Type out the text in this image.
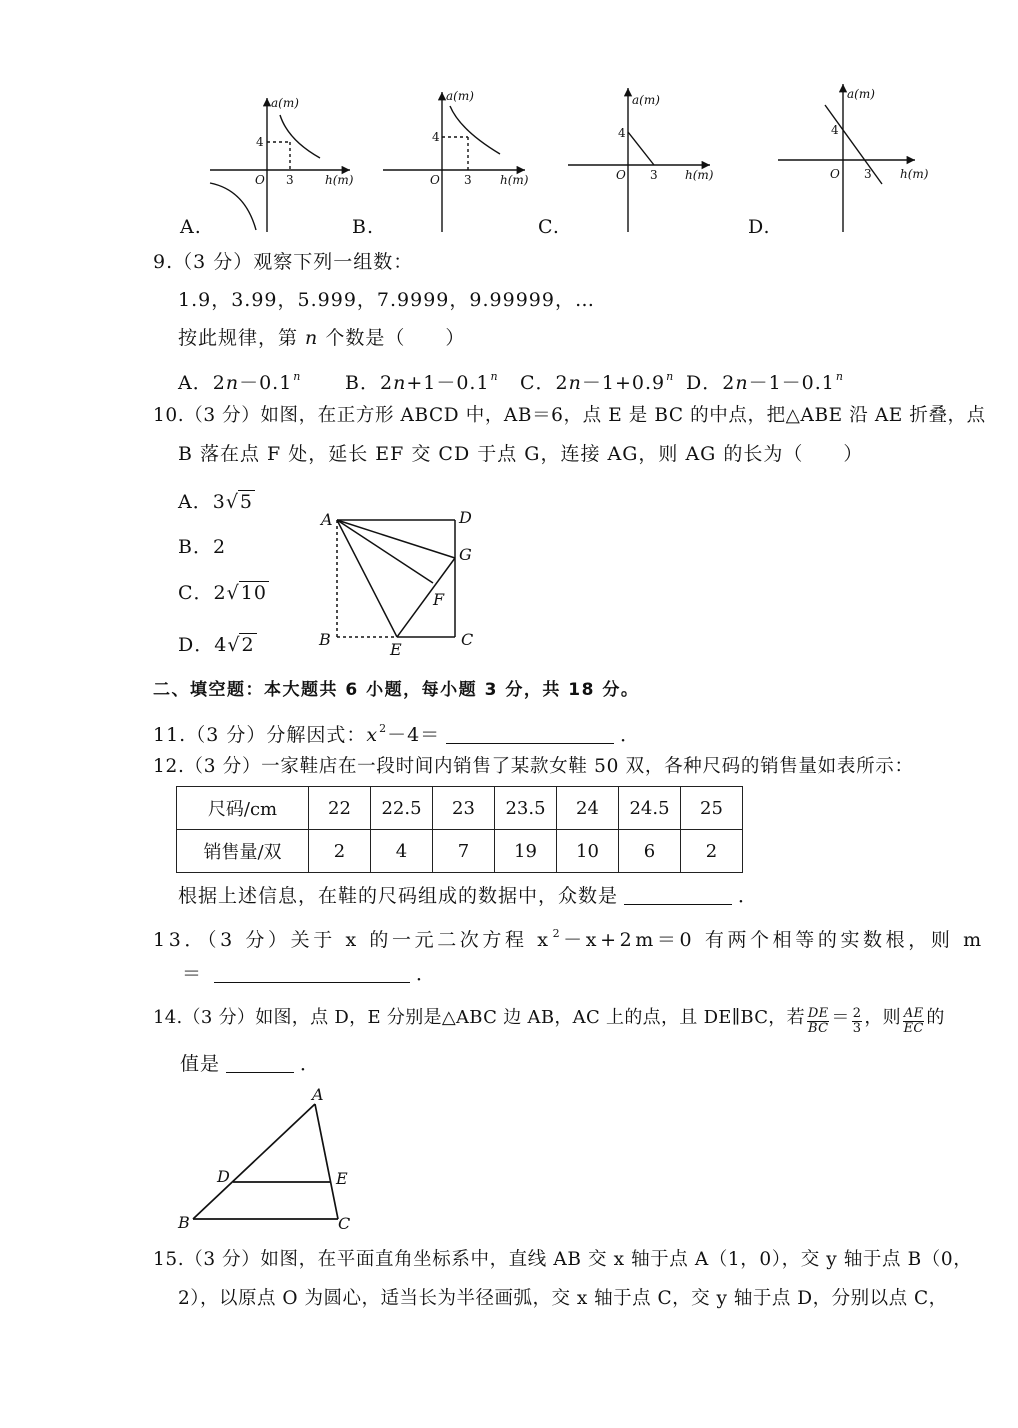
a(m)
h(m)
O
4
3
a(m)
h(m)
O
4
3
a(m)
h(m)
O
4
3
a(m)
h(m)
O
4
3
A.	B.	C.	D.
9.（3 分）观察下列一组数：
1.9，3.99，5.999，7.9999，9.99999，…
按此规律，第 n 个数是（　　）
A．$2n-0.1^n$ B．$2n+1-0.1^n$ C．$2n-1+0.9^n$ D．$2n-1-0.1^n$
10.（3 分）如图，在正方形 ABCD 中，AB＝6，点 E 是 BC 的中点，把△ABE 沿 AE 折叠，点
B 落在点 F 处，延长 EF 交 CD 于点 G，连接 AG，则 AG 的长为（　　）
A．3√5
B．2
C．2√10
D．4√2
A	D
G
F
B	C
E
二、填空题：本大题共 6 小题，每小题 3 分，共 18 分。
11.（3 分）分解因式：$x^2-4=$	．
12.（3 分）一家鞋店在一段时间内销售了某款女鞋 50 双，各种尺码的销售量如表所示：
尺码/cm	22	22.5	23	23.5	24	24.5	25
销售量/双	2	4	7	19	10	6	2
根据上述信息，在鞋的尺码组成的数据中，众数是	．
13．（3 分）关于 x 的一元二次方程 $x^2-x+2m=0$ 有两个相等的实数根，则 m
＝	．
14.（3 分）如图，点 D，E 分别是△ABC 边 AB，AC 上的点，且 DE∥BC，若 $\frac{DE}{BC} = \frac{2}{3}$ ，则 $\frac{AE}{EC}$ 的
值是	．
A
D	E
B	C
15.（3 分）如图，在平面直角坐标系中，直线 AB 交 x 轴于点 A（1，0），交 y 轴于点 B（0，
2），以原点 O 为圆心，适当长为半径画弧，交 x 轴于点 C，交 y 轴于点 D，分别以点 C，
